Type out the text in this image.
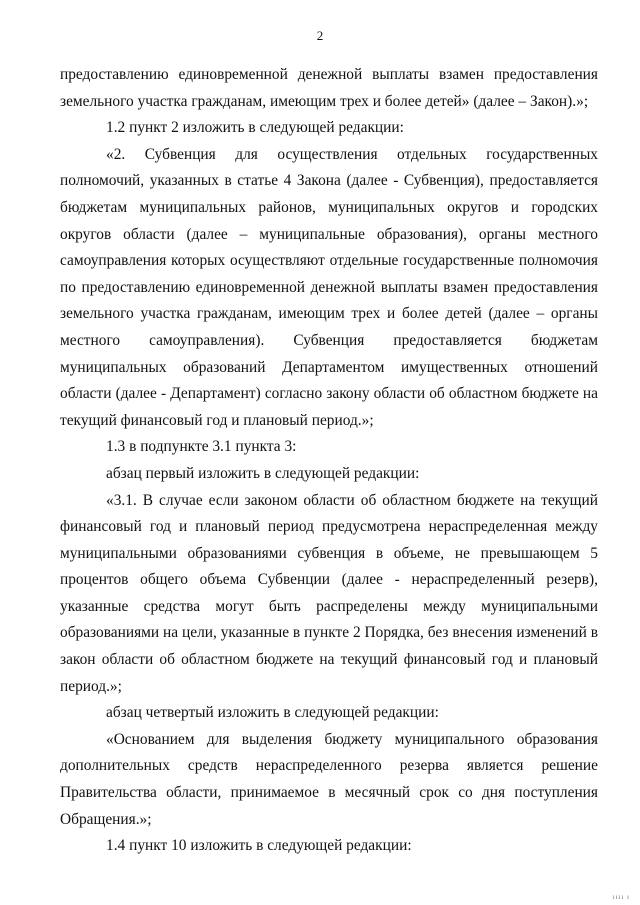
2

предоставлению единовременной денежной выплаты взамен предоставления земельного участка гражданам, имеющим трех и более детей» (далее – Закон).»;

1.2 пункт 2 изложить в следующей редакции:

«2. Субвенция для осуществления отдельных государственных полномочий, указанных в статье 4 Закона (далее - Субвенция), предоставляется бюджетам муниципальных районов, муниципальных округов и городских округов области (далее – муниципальные образования), органы местного самоуправления которых осуществляют отдельные государственные полномочия по предоставлению единовременной денежной выплаты взамен предоставления земельного участка гражданам, имеющим трех и более детей (далее – органы местного самоуправления). Субвенция предоставляется бюджетам муниципальных образований Департаментом имущественных отношений области (далее - Департамент) согласно закону области об областном бюджете на текущий финансовый год и плановый период.»;

1.3 в подпункте 3.1 пункта 3:

абзац первый изложить в следующей редакции:

«3.1. В случае если законом области об областном бюджете на текущий финансовый год и плановый период предусмотрена нераспределенная между муниципальными образованиями субвенция в объеме, не превышающем 5 процентов общего объема Субвенции (далее - нераспределенный резерв), указанные средства могут быть распределены между муниципальными образованиями на цели, указанные в пункте 2 Порядка, без внесения изменений в закон области об областном бюджете на текущий финансовый год и плановый период.»;

абзац четвертый изложить в следующей редакции:

«Основанием для выделения бюджету муниципального образования дополнительных средств нераспределенного резерва является решение Правительства области, принимаемое в месячный срок со дня поступления Обращения.»;

1.4 пункт 10 изложить в следующей редакции:

ıııı ı
